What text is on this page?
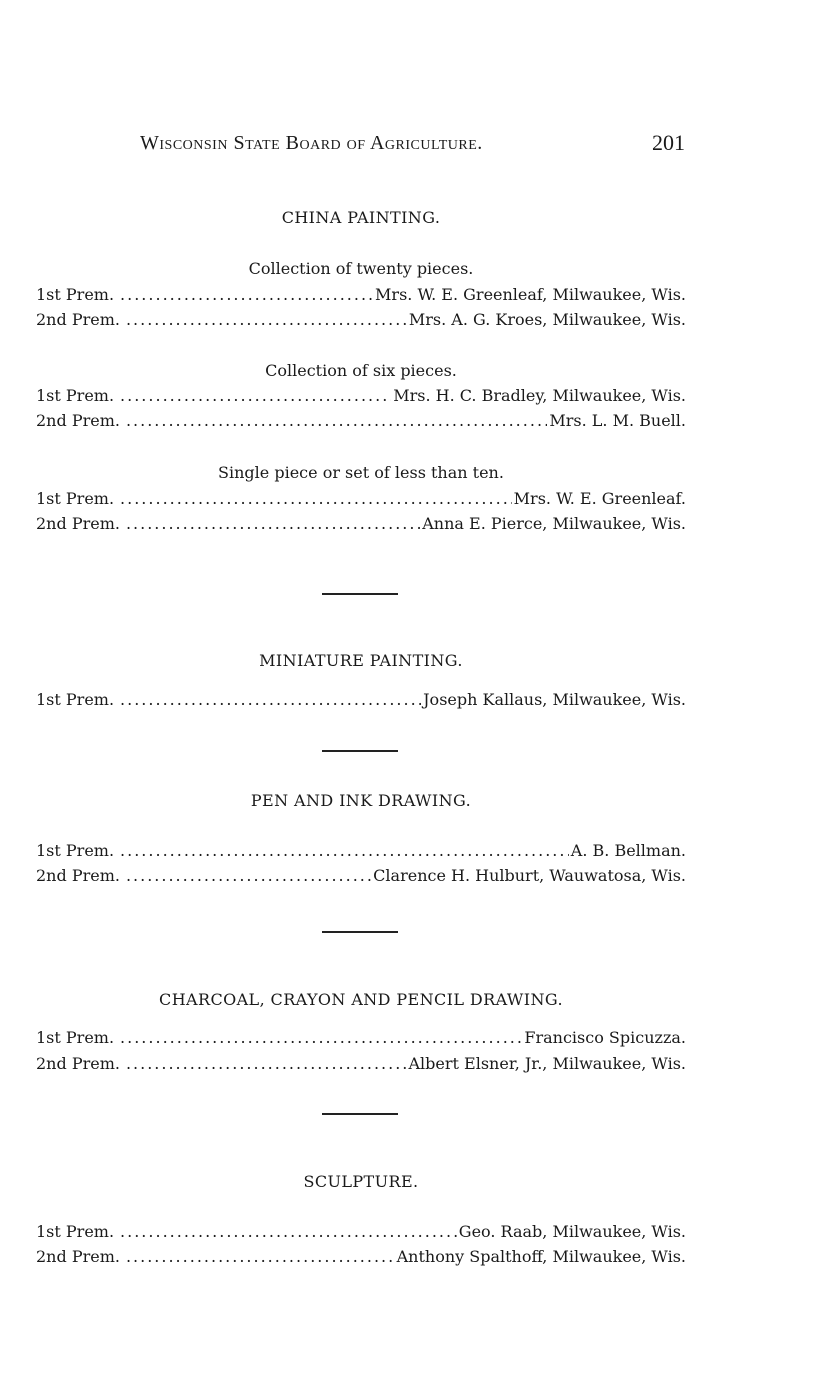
Wisconsin State Board of Agriculture.	201
CHINA PAINTING.
Collection of twenty pieces.
1st Prem. .....	Mrs. W. E. Greenleaf, Milwaukee, Wis.
2nd Prem. .....	Mrs. A. G. Kroes, Milwaukee, Wis.
Collection of six pieces.
1st Prem. .....	Mrs. H. C. Bradley, Milwaukee, Wis.
2nd Prem. .....	Mrs. L. M. Buell.
Single piece or set of less than ten.
1st Prem. .....	Mrs. W. E. Greenleaf.
2nd Prem. .....	Anna E. Pierce, Milwaukee, Wis.
MINIATURE PAINTING.
1st Prem. .....	Joseph Kallaus, Milwaukee, Wis.
PEN AND INK DRAWING.
1st Prem. .....	A. B. Bellman.
2nd Prem. .....	Clarence H. Hulburt, Wauwatosa, Wis.
CHARCOAL, CRAYON AND PENCIL DRAWING.
1st Prem. .....	Francisco Spicuzza.
2nd Prem. .....	Albert Elsner, Jr., Milwaukee, Wis.
SCULPTURE.
1st Prem. .....	Geo. Raab, Milwaukee, Wis.
2nd Prem. .....	Anthony Spalthoff, Milwaukee, Wis.
